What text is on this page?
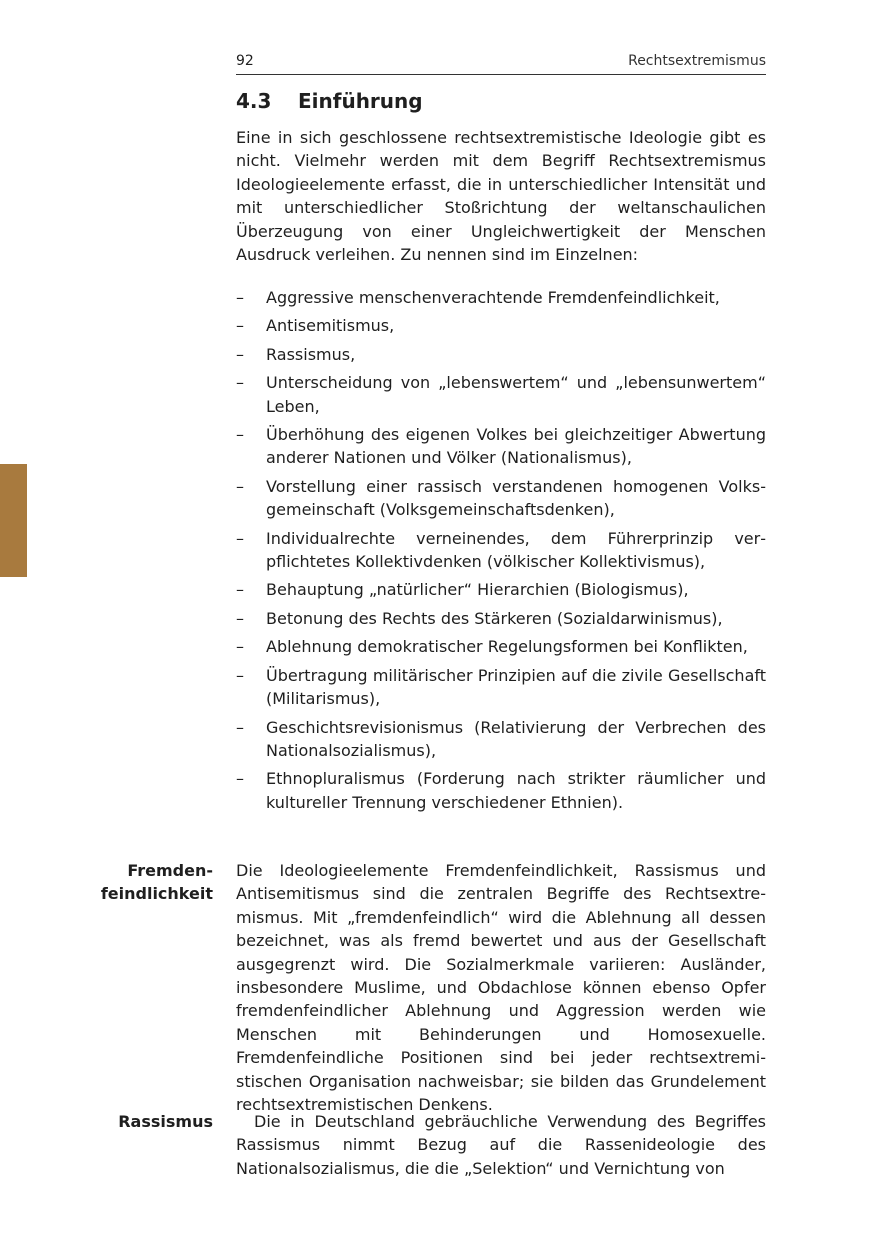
92	Rechtsextremismus
4.3 Einführung

Eine in sich geschlossene rechtsextremistische Ideologie gibt es nicht. Vielmehr werden mit dem Begriff Rechtsextremismus Ideologieelemente erfasst, die in unterschiedlicher Intensität und mit unterschiedlicher Stoßrichtung der weltanschaulichen Überzeugung von einer Ungleichwertigkeit der Menschen Ausdruck verleihen. Zu nennen sind im Einzelnen:

– Aggressive menschenverachtende Fremdenfeindlichkeit,
– Antisemitismus,
– Rassismus,
– Unterscheidung von „lebenswertem“ und „lebensunwertem“ Leben,
– Überhöhung des eigenen Volkes bei gleichzeitiger Abwertung anderer Nationen und Völker (Nationalismus),
– Vorstellung einer rassisch verstandenen homogenen Volksgemeinschaft (Volksgemeinschaftsdenken),
– Individualrechte verneinendes, dem Führerprinzip verpflichtetes Kollektivdenken (völkischer Kollektivismus),
– Behauptung „natürlicher“ Hierarchien (Biologismus),
– Betonung des Rechts des Stärkeren (Sozialdarwinismus),
– Ablehnung demokratischer Regelungsformen bei Konflikten,
– Übertragung militärischer Prinzipien auf die zivile Gesellschaft (Militarismus),
– Geschichtsrevisionismus (Relativierung der Verbrechen des Nationalsozialismus),
– Ethnopluralismus (Forderung nach strikter räumlicher und kultureller Trennung verschiedener Ethnien).
Fremden-
feindlichkeit

Die Ideologieelemente Fremdenfeindlichkeit, Rassismus und Antisemitismus sind die zentralen Begriffe des Rechtsextremismus. Mit „fremdenfeindlich“ wird die Ablehnung all dessen bezeichnet, was als fremd bewertet und aus der Gesellschaft ausgegrenzt wird. Die Sozialmerkmale variieren: Ausländer, insbesondere Muslime, und Obdachlose können ebenso Opfer fremdenfeindlicher Ablehnung und Aggression werden wie Menschen mit Behinderungen und Homosexuelle. Fremdenfeindliche Positionen sind bei jeder rechtsextremistischen Organisation nachweisbar; sie bilden das Grundelement rechtsextremistischen Denkens.

Rassismus	Die in Deutschland gebräuchliche Verwendung des Begriffes Rassismus nimmt Bezug auf die Rassenideologie des Nationalsozialismus, die die „Selektion“ und Vernichtung von
